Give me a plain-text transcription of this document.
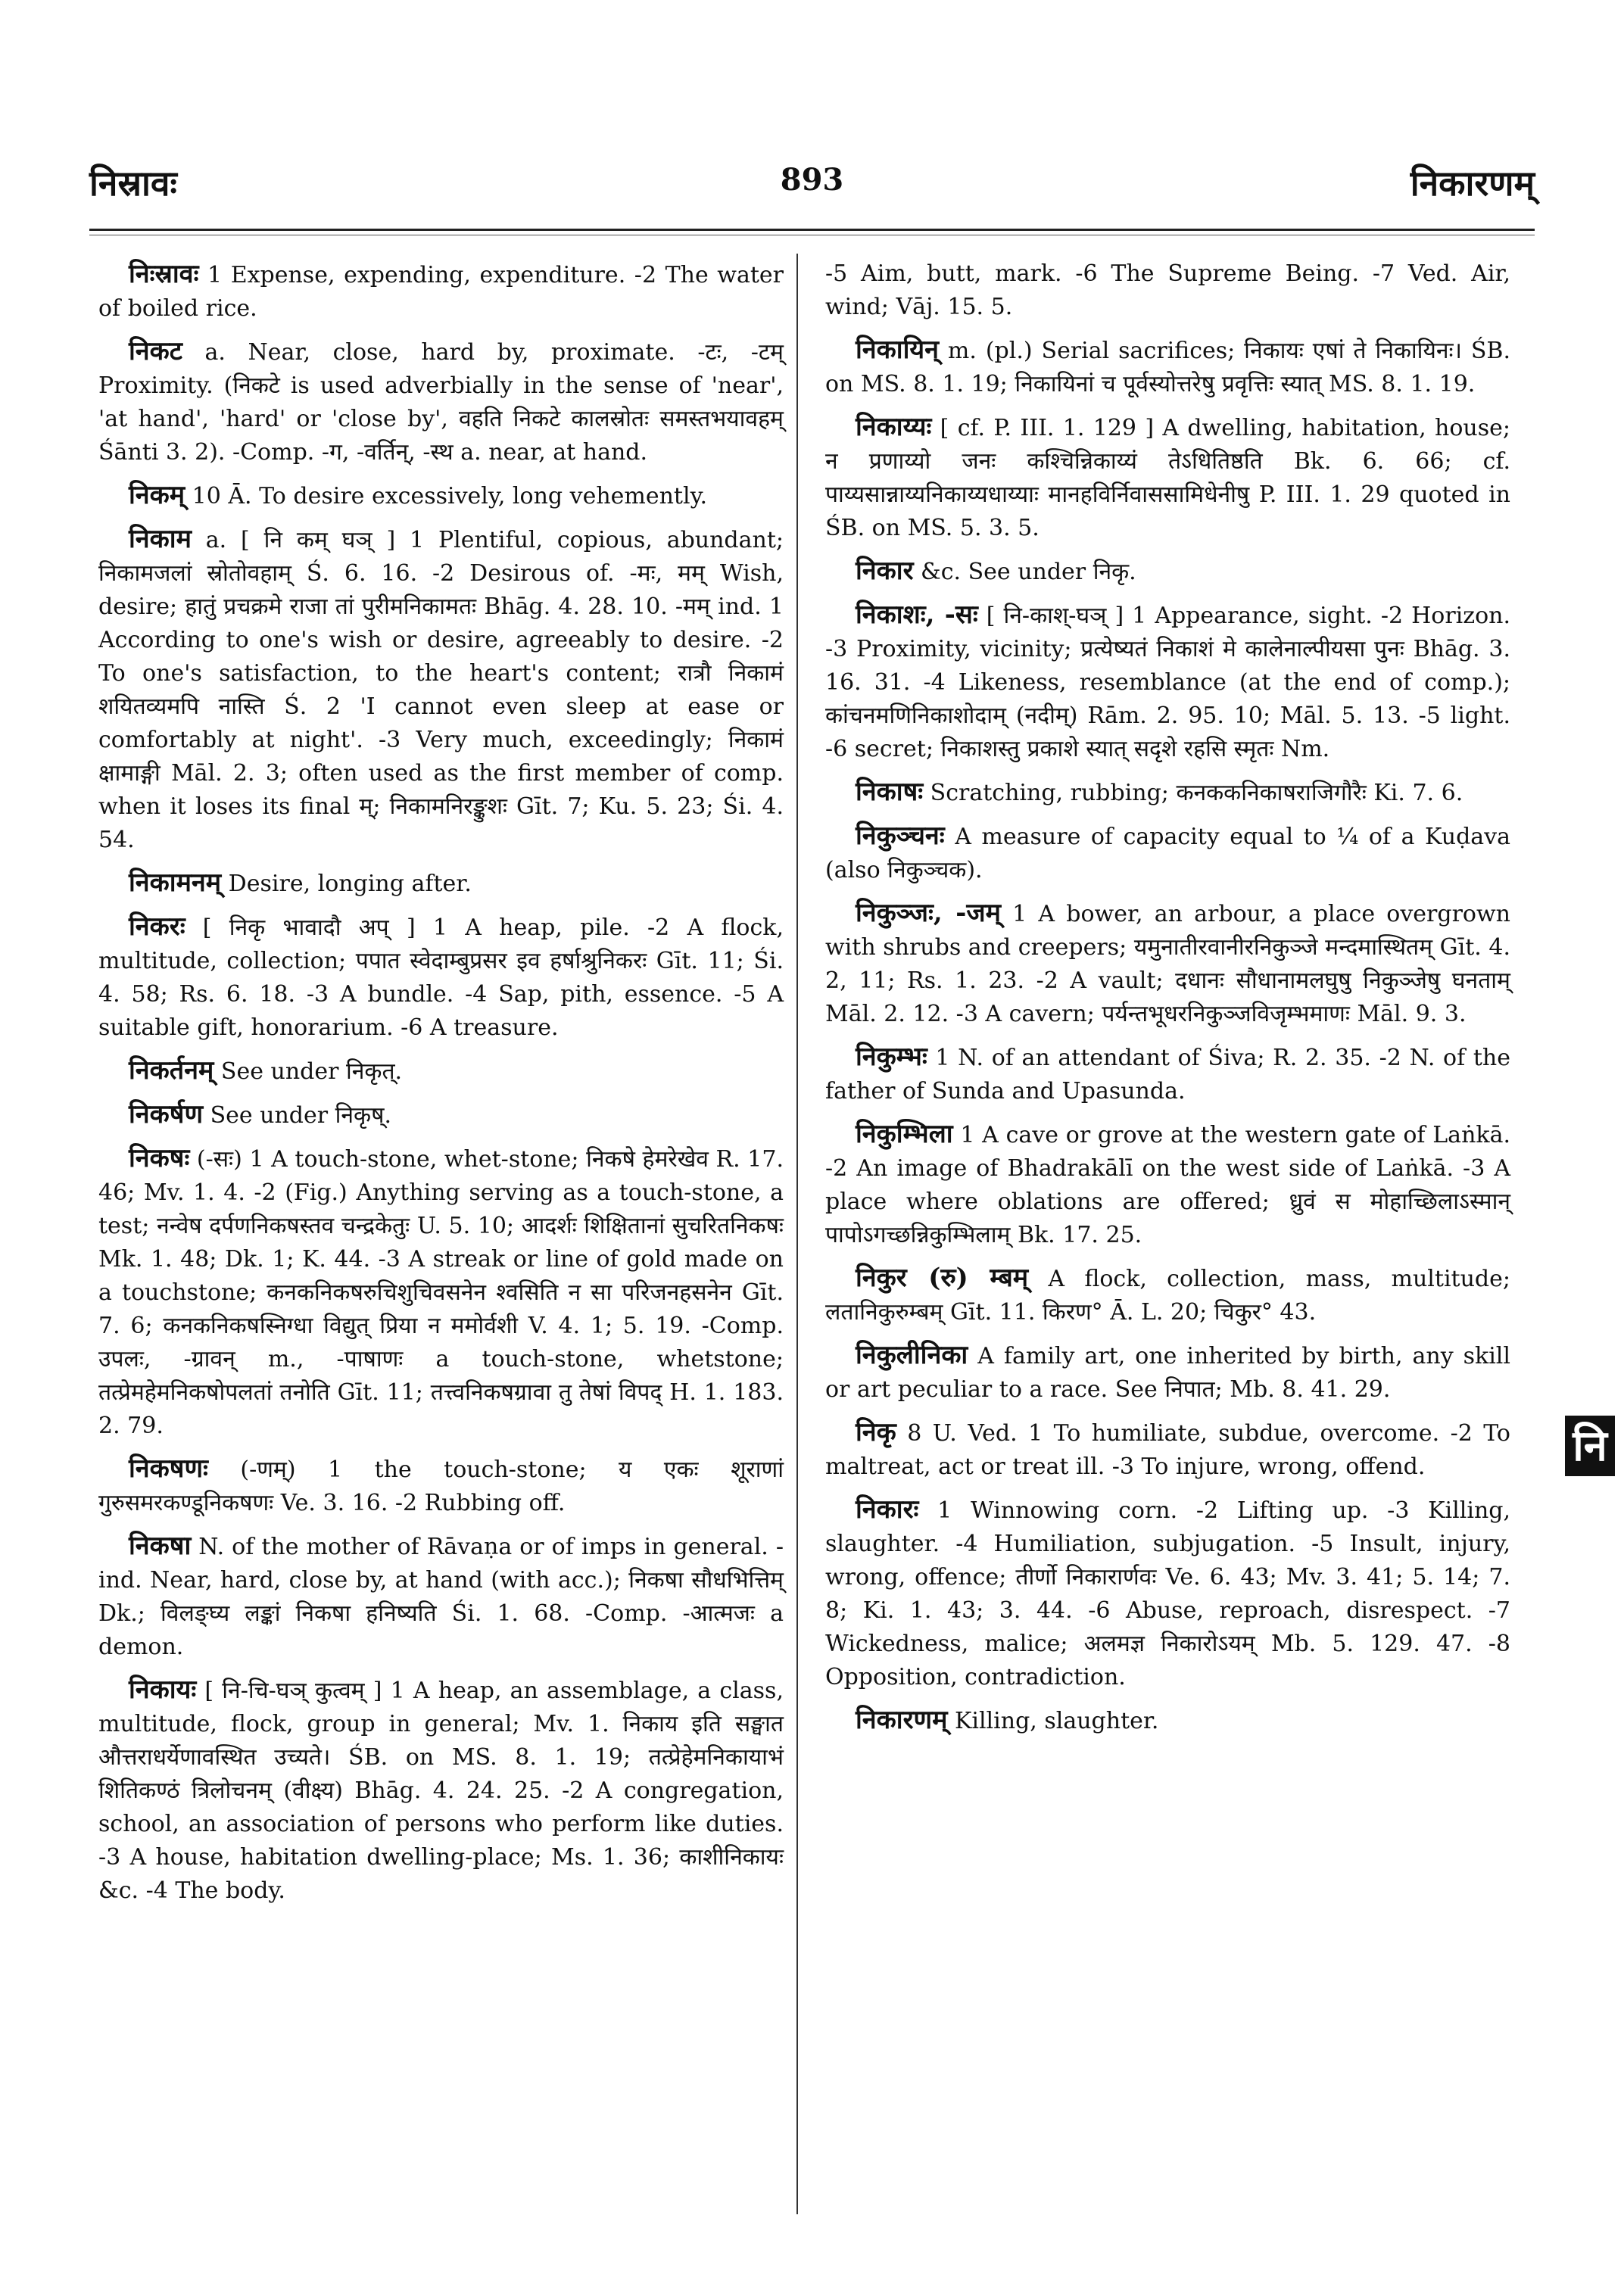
निस्रावः	893	निकारणम्

निःस्रावः 1 Expense, expending, expenditure. -2 The water of boiled rice.

निकट a. Near, close, hard by, proximate. -टः, -टम् Proximity. (निकटे is used adverbially in the sense of 'near', 'at hand', 'hard' or 'close by', वहति निकटे कालस्रोतः समस्तभयावहम् Śānti 3. 2). -Comp. -ग, -वर्तिन्, -स्थ a. near, at hand.

निकम् 10 Ā. To desire excessively, long vehemently.

निकाम a. [ नि कम् घञ् ] 1 Plentiful, copious, abundant; निकामजलां स्रोतोवहाम् Ś. 6. 16. -2 Desirous of. -मः, मम् Wish, desire; हातुं प्रचक्रमे राजा तां पुरीमनिकामतः Bhāg. 4. 28. 10. -मम् ind. 1 According to one's wish or desire, agreeably to desire. -2 To one's satisfaction, to the heart's content; रात्रौ निकामं शयितव्यमपि नास्ति Ś. 2 'I cannot even sleep at ease or comfortably at night'. -3 Very much, exceedingly; निकामं क्षामाङ्गी Māl. 2. 3; often used as the first member of comp. when it loses its final म्; निकामनिरङ्कुशः Gīt. 7; Ku. 5. 23; Śi. 4. 54.

निकामनम् Desire, longing after.

निकरः [ निकृ भावादौ अप् ] 1 A heap, pile. -2 A flock, multitude, collection; पपात स्वेदाम्बुप्रसर इव हर्षाश्रुनिकरः Gīt. 11; Śi. 4. 58; Rs. 6. 18. -3 A bundle. -4 Sap, pith, essence. -5 A suitable gift, honorarium. -6 A treasure.

निकर्तनम् See under निकृत्.

निकर्षण See under निकृष्.

निकषः (-सः) 1 A touch-stone, whet-stone; निकषे हेमरेखेव R. 17. 46; Mv. 1. 4. -2 (Fig.) Anything serving as a touch-stone, a test; नन्वेष दर्पणनिकषस्तव चन्द्रकेतुः U. 5. 10; आदर्शः शिक्षितानां सुचरितनिकषः Mk. 1. 48; Dk. 1; K. 44. -3 A streak or line of gold made on a touchstone; कनकनिकषरुचिशुचिवसनेन श्वसिति न सा परिजनहसनेन Gīt. 7. 6; कनकनिकषस्निग्धा विद्युत् प्रिया न ममोर्वशी V. 4. 1; 5. 19. -Comp. उपलः, -ग्रावन् m., -पाषाणः a touch-stone, whetstone; तत्प्रेमहेमनिकषोपलतां तनोति Gīt. 11; तत्त्वनिकषग्रावा तु तेषां विपद् H. 1. 183. 2. 79.

निकषणः (-णम्) 1 the touch-stone; य एकः शूराणां गुरुसमरकण्डूनिकषणः Ve. 3. 16. -2 Rubbing off.

निकषा N. of the mother of Rāvaṇa or of imps in general. -ind. Near, hard, close by, at hand (with acc.); निकषा सौधभित्तिम् Dk.; विलङ्घ्य लङ्कां निकषा हनिष्यति Śi. 1. 68. -Comp. -आत्मजः a demon.

निकायः [ नि-चि-घञ् कुत्वम् ] 1 A heap, an assemblage, a class, multitude, flock, group in general; Mv. 1. निकाय इति सङ्घात औत्तराधर्येणावस्थित उच्यते। ŚB. on MS. 8. 1. 19; तत्प्रेहेमनिकायाभं शितिकण्ठं त्रिलोचनम् (वीक्ष्य) Bhāg. 4. 24. 25. -2 A congregation, school, an association of persons who perform like duties. -3 A house, habitation dwelling-place; Ms. 1. 36; काशीनिकायः &c. -4 The body.

-5 Aim, butt, mark. -6 The Supreme Being. -7 Ved. Air, wind; Vāj. 15. 5.

निकायिन् m. (pl.) Serial sacrifices; निकायः एषां ते निकायिनः। ŚB. on MS. 8. 1. 19; निकायिनां च पूर्वस्योत्तरेषु प्रवृत्तिः स्यात् MS. 8. 1. 19.

निकाय्यः [ cf. P. III. 1. 129 ] A dwelling, habitation, house; न प्रणाय्यो जनः कश्चिन्निकाय्यं तेऽधितिष्ठति Bk. 6. 66; cf. पाय्यसान्नाय्यनिकाय्यधाय्याः मानहविर्निवाससामिधेनीषु P. III. 1. 29 quoted in ŚB. on MS. 5. 3. 5.

निकार &c. See under निकृ.

निकाशः, -सः [ नि-काश्-घञ् ] 1 Appearance, sight. -2 Horizon. -3 Proximity, vicinity; प्रत्येष्यतं निकाशं मे कालेनाल्पीयसा पुनः Bhāg. 3. 16. 31. -4 Likeness, resemblance (at the end of comp.); कांचनमणिनिकाशोदाम् (नदीम्) Rām. 2. 95. 10; Māl. 5. 13. -5 light. -6 secret; निकाशस्तु प्रकाशे स्यात् सदृशे रहसि स्मृतः Nm.

निकाषः Scratching, rubbing; कनककनिकाषराजिगौरैः Ki. 7. 6.

निकुञ्चनः A measure of capacity equal to ¼ of a Kuḍava (also निकुञ्चक).

निकुञ्जः, -जम् 1 A bower, an arbour, a place overgrown with shrubs and creepers; यमुनातीरवानीरनिकुञ्जे मन्दमास्थितम् Gīt. 4. 2, 11; Rs. 1. 23. -2 A vault; दधानः सौधानामलघुषु निकुञ्जेषु घनताम् Māl. 2. 12. -3 A cavern; पर्यन्तभूधरनिकुञ्जविजृम्भमाणः Māl. 9. 3.

निकुम्भः 1 N. of an attendant of Śiva; R. 2. 35. -2 N. of the father of Sunda and Upasunda.

निकुम्भिला 1 A cave or grove at the western gate of Laṅkā. -2 An image of Bhadrakālī on the west side of Laṅkā. -3 A place where oblations are offered; ध्रुवं स मोहाच्छिलाऽस्मान् पापोऽगच्छन्निकुम्भिलाम् Bk. 17. 25.

निकुर (रु) म्बम् A flock, collection, mass, multitude; लतानिकुरुम्बम् Gīt. 11. किरण° Ā. L. 20; चिकुर° 43.

निकुलीनिका A family art, one inherited by birth, any skill or art peculiar to a race. See निपात; Mb. 8. 41. 29.

निकृ 8 U. Ved. 1 To humiliate, subdue, overcome. -2 To maltreat, act or treat ill. -3 To injure, wrong, offend.

निकारः 1 Winnowing corn. -2 Lifting up. -3 Killing, slaughter. -4 Humiliation, subjugation. -5 Insult, injury, wrong, offence; तीर्णो निकारार्णवः Ve. 6. 43; Mv. 3. 41; 5. 14; 7. 8; Ki. 1. 43; 3. 44. -6 Abuse, reproach, disrespect. -7 Wickedness, malice; अलमज्ञ निकारोऽयम् Mb. 5. 129. 47. -8 Opposition, contradiction.

निकारणम् Killing, slaughter.

नि
